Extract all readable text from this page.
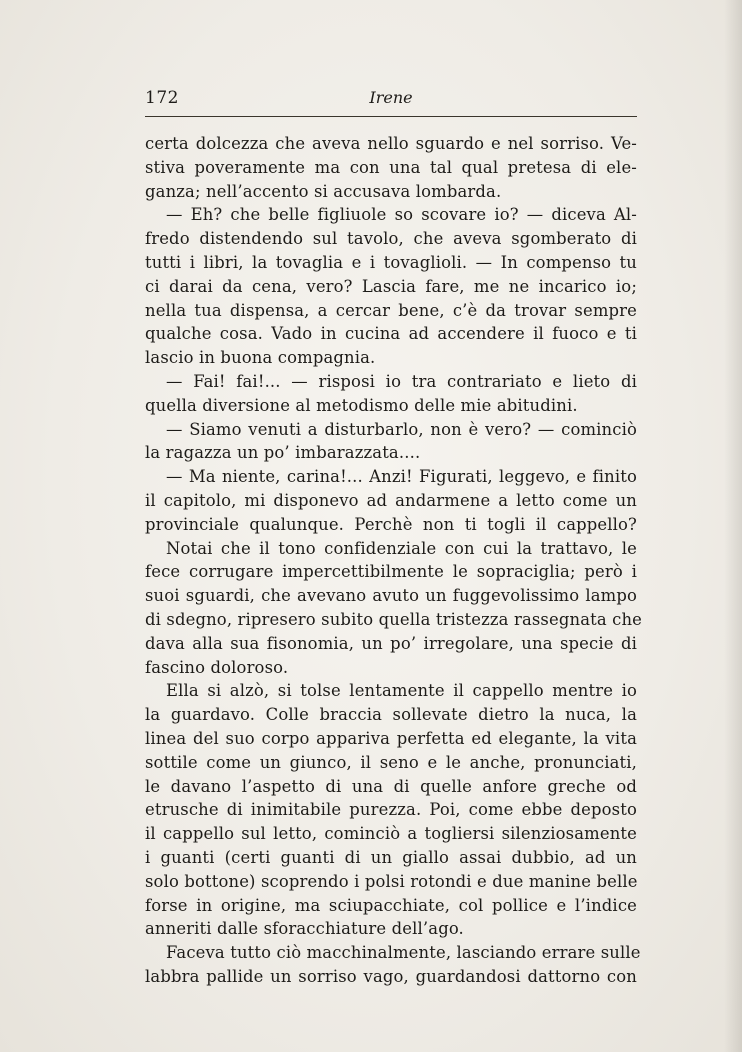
172	Irene
certa dolcezza che aveva nello sguardo e nel sorriso. Ve-
stiva poveramente ma con una tal qual pretesa di ele-
ganza; nell’accento si accusava lombarda.
— Eh? che belle figliuole so scovare io? — diceva Al-
fredo distendendo sul tavolo, che aveva sgomberato di
tutti i libri, la tovaglia e i tovaglioli. — In compenso tu
ci darai da cena, vero? Lascia fare, me ne incarico io;
nella tua dispensa, a cercar bene, c’è da trovar sempre
qualche cosa. Vado in cucina ad accendere il fuoco e ti
lascio in buona compagnia.
— Fai! fai!... — risposi io tra contrariato e lieto di
quella diversione al metodismo delle mie abitudini.
— Siamo venuti a disturbarlo, non è vero? — cominciò
la ragazza un po’ imbarazzata....
— Ma niente, carina!... Anzi! Figurati, leggevo, e finito
il capitolo, mi disponevo ad andarmene a letto come un
provinciale qualunque. Perchè non ti togli il cappello?
Notai che il tono confidenziale con cui la trattavo, le
fece corrugare impercettibilmente le sopraciglia; però i
suoi sguardi, che avevano avuto un fuggevolissimo lampo
di sdegno, ripresero subito quella tristezza rassegnata che
dava alla sua fisonomia, un po’ irregolare, una specie di
fascino doloroso.
Ella si alzò, si tolse lentamente il cappello mentre io
la guardavo. Colle braccia sollevate dietro la nuca, la
linea del suo corpo appariva perfetta ed elegante, la vita
sottile come un giunco, il seno e le anche, pronunciati,
le davano l’aspetto di una di quelle anfore greche od
etrusche di inimitabile purezza. Poi, come ebbe deposto
il cappello sul letto, cominciò a togliersi silenziosamente
i guanti (certi guanti di un giallo assai dubbio, ad un
solo bottone) scoprendo i polsi rotondi e due manine belle
forse in origine, ma sciupacchiate, col pollice e l’indice
anneriti dalle sforacchiature dell’ago.
Faceva tutto ciò macchinalmente, lasciando errare sulle
labbra pallide un sorriso vago, guardandosi dattorno con
